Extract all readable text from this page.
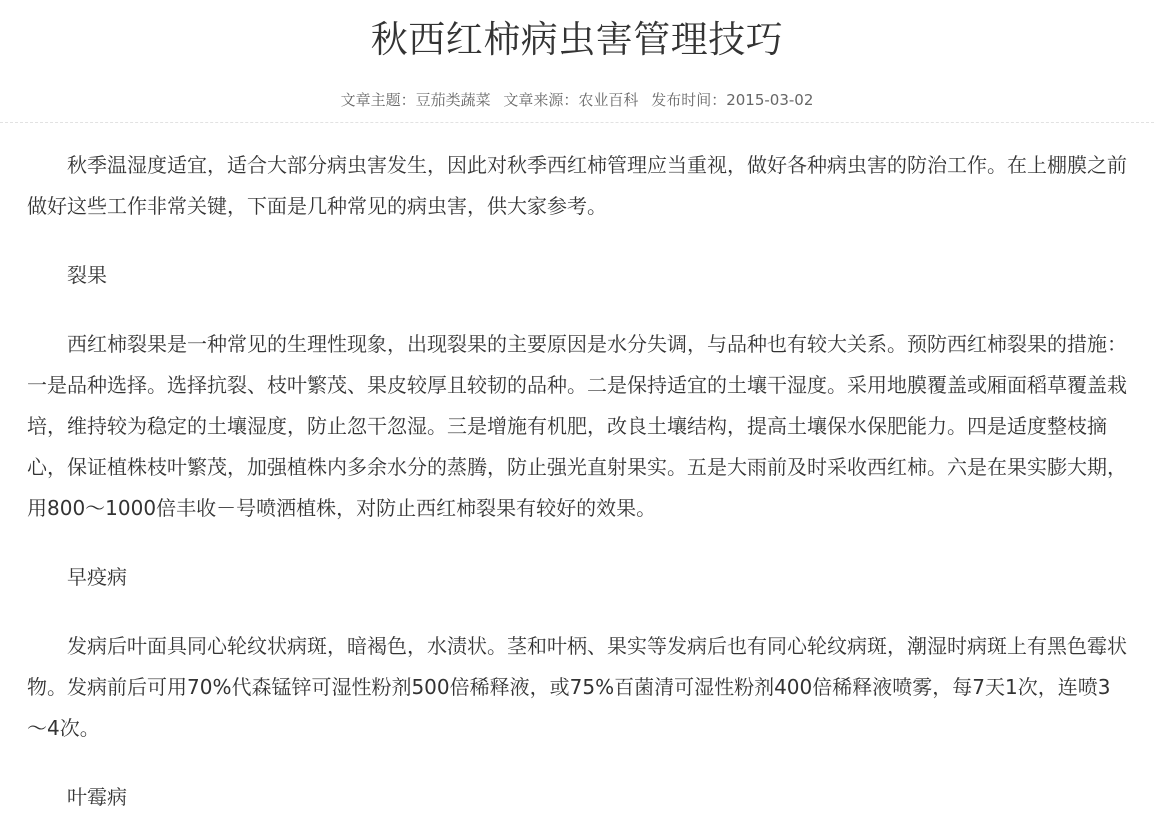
秋西红柿病虫害管理技巧
文章主题：豆茄类蔬菜 文章来源：农业百科 发布时间：2015-03-02

秋季温湿度适宜，适合大部分病虫害发生，因此对秋季西红柿管理应当重视，做好各种病虫害的防治工作。在上棚膜之前做好这些工作非常关键，下面是几种常见的病虫害，供大家参考。

裂果

西红柿裂果是一种常见的生理性现象，出现裂果的主要原因是水分失调，与品种也有较大关系。预防西红柿裂果的措施：一是品种选择。选择抗裂、枝叶繁茂、果皮较厚且较韧的品种。二是保持适宜的土壤干湿度。采用地膜覆盖或厢面稻草覆盖栽培，维持较为稳定的土壤湿度，防止忽干忽湿。三是增施有机肥，改良土壤结构，提高土壤保水保肥能力。四是适度整枝摘心，保证植株枝叶繁茂，加强植株内多余水分的蒸腾，防止强光直射果实。五是大雨前及时采收西红柿。六是在果实膨大期，用800～1000倍丰收－号喷洒植株，对防止西红柿裂果有较好的效果。

早疫病

发病后叶面具同心轮纹状病斑，暗褐色，水渍状。茎和叶柄、果实等发病后也有同心轮纹病斑，潮湿时病斑上有黑色霉状物。发病前后可用70%代森锰锌可湿性粉剂500倍稀释液，或75%百菌清可湿性粉剂400倍稀释液喷雾，每7天1次，连喷3～4次。

叶霉病
